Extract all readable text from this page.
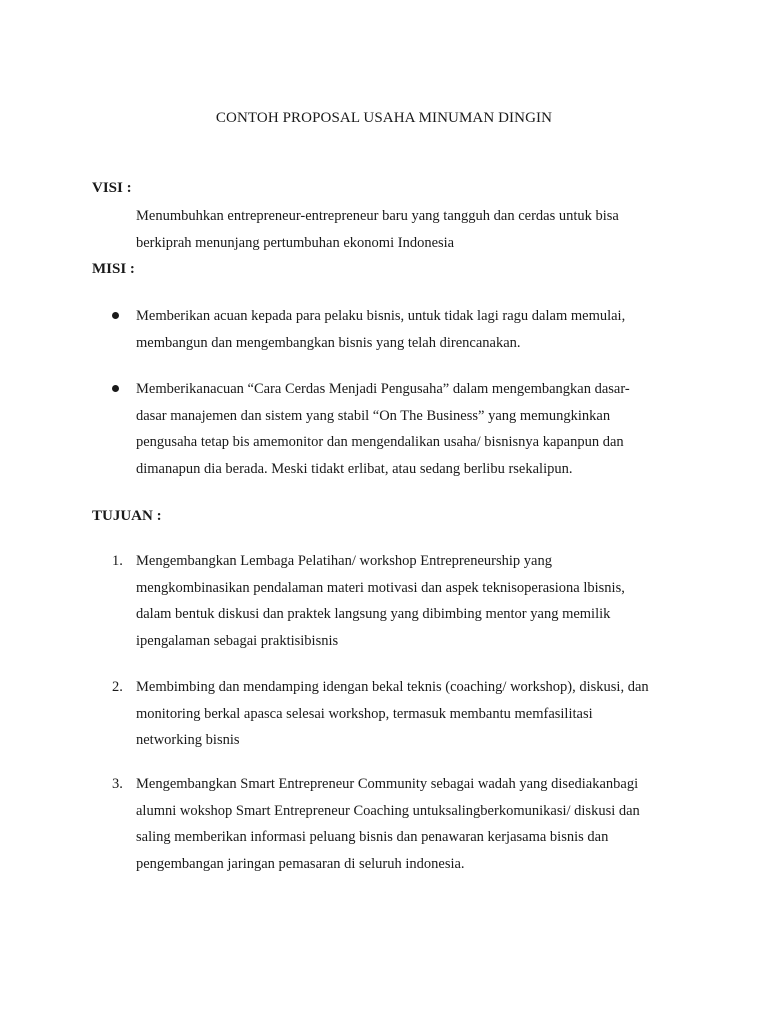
CONTOH PROPOSAL USAHA MINUMAN DINGIN
VISI :
Menumbuhkan entrepreneur-entrepreneur baru yang tangguh dan cerdas untuk bisa
berkiprah menunjang pertumbuhan ekonomi Indonesia
MISI :
Memberikan acuan kepada para pelaku bisnis, untuk tidak lagi ragu dalam memulai,
membangun dan mengembangkan bisnis yang telah direncanakan.
Memberikanacuan “Cara Cerdas Menjadi Pengusaha” dalam mengembangkan dasar-
dasar manajemen dan sistem yang stabil “On The Business” yang memungkinkan
pengusaha tetap bis amemonitor dan mengendalikan usaha/ bisnisnya kapanpun dan
dimanapun dia berada. Meski tidakt erlibat, atau sedang berlibu rsekalipun.
TUJUAN :
1. Mengembangkan Lembaga Pelatihan/ workshop Entrepreneurship yang
mengkombinasikan pendalaman materi motivasi dan aspek teknisoperasiona lbisnis,
dalam bentuk diskusi dan praktek langsung yang dibimbing mentor yang memilik
ipengalaman sebagai praktisibisnis
2. Membimbing dan mendamping idengan bekal teknis (coaching/ workshop), diskusi, dan
monitoring berkal apasca selesai workshop, termasuk membantu memfasilitasi
networking bisnis
3. Mengembangkan Smart Entrepreneur Community sebagai wadah yang disediakanbagi
alumni wokshop Smart Entrepreneur Coaching untuksalingberkomunikasi/ diskusi dan
saling memberikan informasi peluang bisnis dan penawaran kerjasama bisnis dan
pengembangan jaringan pemasaran di seluruh indonesia.
